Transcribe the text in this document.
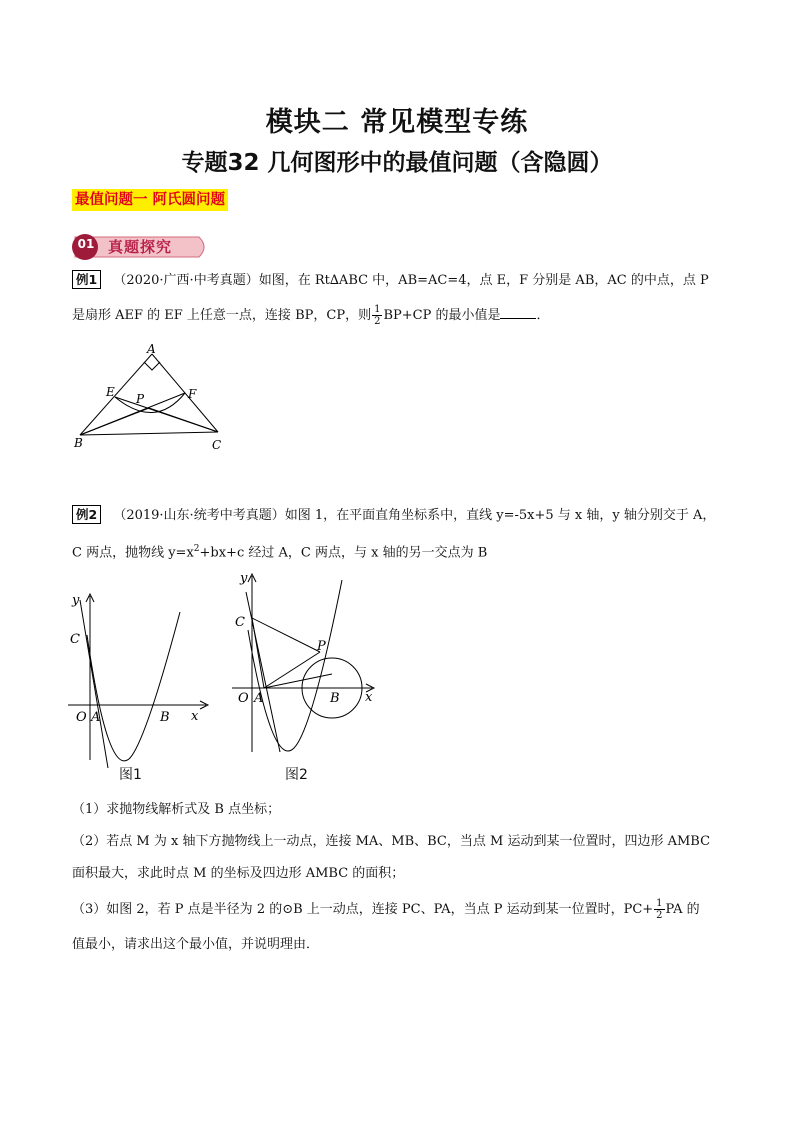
模块二 常见模型专练
专题32 几何图形中的最值问题（含隐圆）
最值问题一 阿氏圆问题
01 真题探究
例1 （2020·广西·中考真题）如图，在 Rt∆ABC 中，AB=AC=4，点 E，F 分别是 AB，AC 的中点，点 P
是扇形 AEF 的 EF 上任意一点，连接 BP，CP，则 $\frac{1}{2} BP+CP$ 的最小值是	．
A
B	C
E	F
P
例2 （2019·山东·统考中考真题）如图 1，在平面直角坐标系中，直线 y=-5x+5 与 x 轴，y 轴分别交于 A，
C 两点，抛物线 $y=x^2+bx+c$ 经过 A，C 两点，与 x 轴的另一交点为 B
y
x
C
O A	B
图1
y
x
C
O A	B
P
图2
（1）求抛物线解析式及 B 点坐标；
（2）若点 M 为 x 轴下方抛物线上一动点，连接 MA、MB、BC，当点 M 运动到某一位置时，四边形 AMBC
面积最大，求此时点 M 的坐标及四边形 AMBC 的面积；
（3）如图 2，若 P 点是半径为 2 的⊙B 上一动点，连接 PC、PA，当点 P 运动到某一位置时，$PC+ \frac{1}{2}$ PA 的
值最小，请求出这个最小值，并说明理由．
